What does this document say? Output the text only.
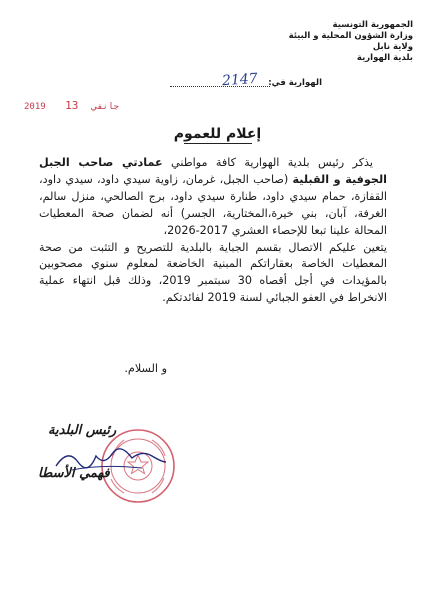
الجمهورية التونسية
وزارة الشؤون المحلية و البيئة
ولاية نابل
بلدية الهوارية
الهوارية في:
2147
2019	جانفي 13
إعلام للعموم

يذكر رئيس بلدية الهوارية كافة مواطني عمادتي صاحب الجبل الجوفية و القبلية (صاحب الجبل، غرمان، زاوية سيدي داود، سيدي داود، القفازة، حمام سيدي داود، طنارة سيدي داود، برج الصالحي، منزل سالم، الغرفة، آبان، بني خيرة،المختارية، الجسر) أنه لضمان صحة المعطيات المحالة علينا تبعا للإحصاء العشري 2017-2026،

يتعين عليكم الاتصال بقسم الجباية بالبلدية للتصريح و التثبت من صحة المعطيات الخاصة بعقاراتكم المبنية الخاضعة لمعلوم سنوي مصحوبين بالمؤيدات في أجل أقصاه 30 سبتمبر 2019، وذلك قبل انتهاء عملية الانخراط في العفو الجبائي لسنة 2019 لفائدتكم.

و السلام.
رئيس البلدية
فهمي الأسطا
